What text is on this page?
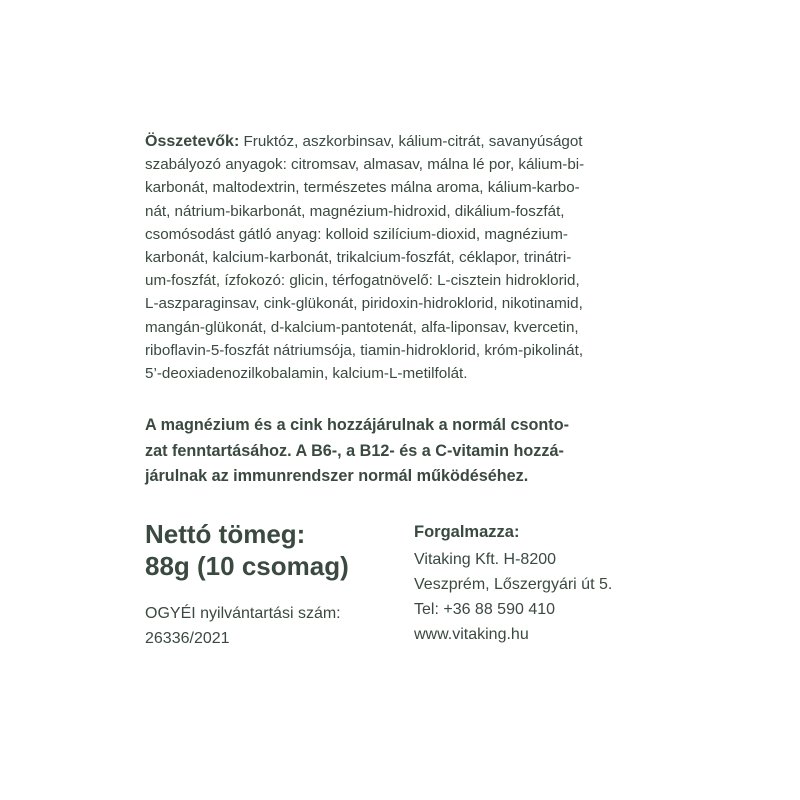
Összetevők: Fruktóz, aszkorbinsav, kálium-citrát, savanyúságot
szabályozó anyagok: citromsav, almasav, málna lé por, kálium-bi-
karbonát, maltodextrin, természetes málna aroma, kálium-karbo-
nát, nátrium-bikarbonát, magnézium-hidroxid, dikálium-foszfát,
csomósodást gátló anyag: kolloid szilícium-dioxid, magnézium-
karbonát, kalcium-karbonát, trikalcium-foszfát, céklapor, trinátri-
um-foszfát, ízfokozó: glicin, térfogatnövelő: L-cisztein hidroklorid,
L-aszparaginsav, cink-glükonát, piridoxin-hidroklorid, nikotinamid,
mangán-glükonát, d-kalcium-pantotenát, alfa-liponsav, kvercetin,
riboflavin-5-foszfát nátriumsója, tiamin-hidroklorid, króm-pikolinát,
5’-deoxiadenozilkobalamin, kalcium-L-metilfolát.
A magnézium és a cink hozzájárulnak a normál csonto-
zat fenntartásához. A B6-, a B12- és a C-vitamin hozzá-
járulnak az immunrendszer normál működéséhez.
Nettó tömeg:
88g (10 csomag)
OGYÉI nyilvántartási szám:
26336/2021
Forgalmazza:
Vitaking Kft. H-8200
Veszprém, Lőszergyári út 5.
Tel: +36 88 590 410
www.vitaking.hu
